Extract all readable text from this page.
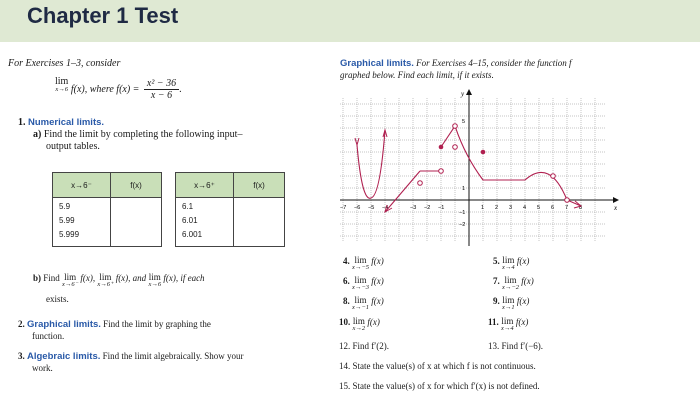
Chapter 1 Test
For Exercises 1–3, consider
lim
x→6 f(x), where $f(x) = \frac{\text{x² − 36}}{x - 6}$ .
1. Numerical limits.
a) Find the limit by completing the following input–
output tables.
x→6⁻	f(x)

5.9
5.99
5.999	

x→6⁺	f(x)

6.1
6.01
6.001	

b) Find lim
x→6⁻
f(x), lim
x→6⁺
f(x), and lim
x→6
f(x), if each
exists.
2. Graphical limits. Find the limit by graphing the
function.
3. Algebraic limits. Find the limit algebraically. Show your
work.
Graphical limits. For Exercises 4–15, consider the function f
graphed below. Find each limit, if it exists.
x
y
−7 −6 −5 −4	−3 −2 −1	1 2 3 4 5 6 7 8
5
1
−1
−2
4. lim
x→−5
f(x)	5. lim
x→4
f(x)
6. lim
x→−3
f(x)	7. lim
x→−2
f(x)
8. lim
x→−1
f(x)	9. lim
x→1
f(x)
10. lim
x→2
f(x)	11. lim
x→4
f(x)
12. Find f′(2).	13. Find f′(−6).
14. State the value(s) of x at which f is not continuous.
15. State the value(s) of x for which f′(x) is not defined.
